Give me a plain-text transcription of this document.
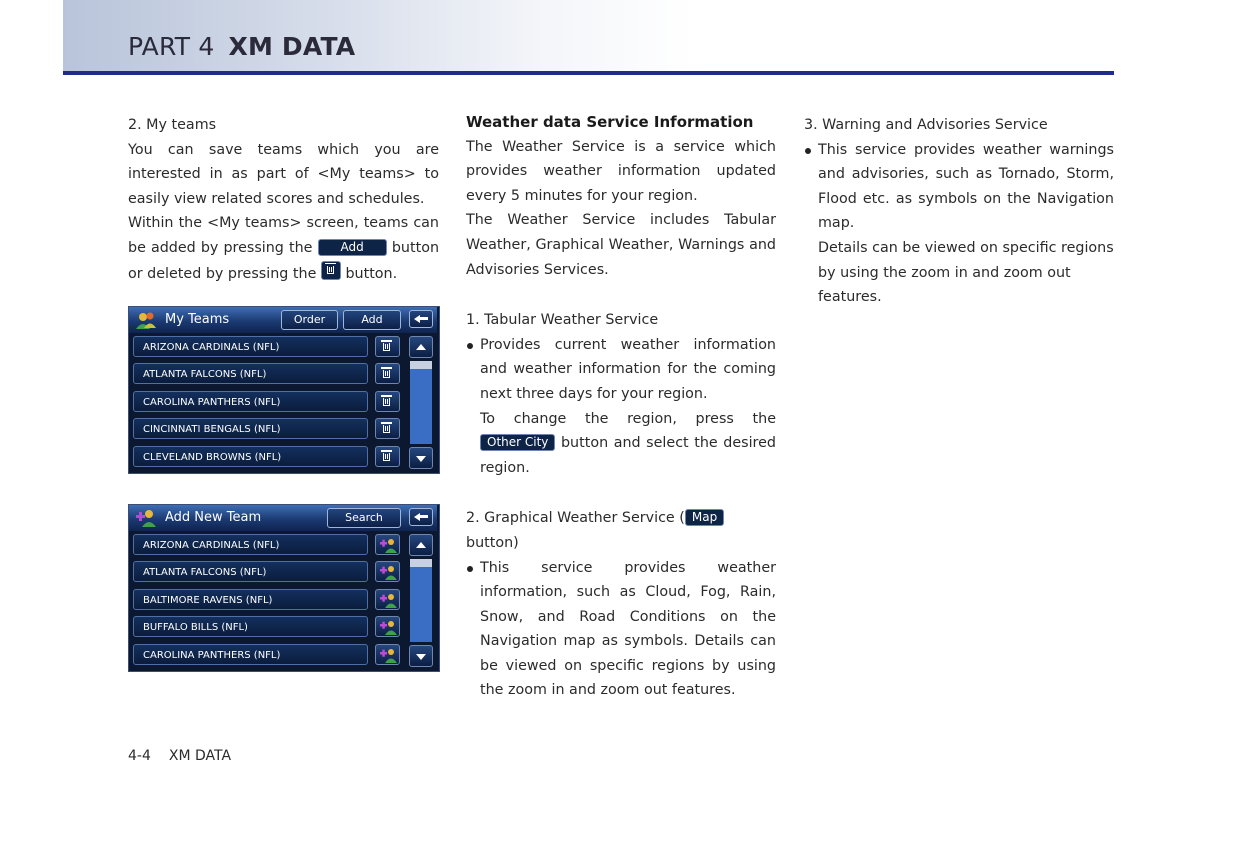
PART 4 XM DATA

2. My teams

You can save teams which you are interested in as part of <My teams> to easily view related scores and schedules.

Within the <My teams> screen, teams can be added by pressing the Add button or deleted by pressing the button.

My Teams	Order	Add
ARIZONA CARDINALS (NFL)
ATLANTA FALCONS (NFL)
CAROLINA PANTHERS (NFL)
CINCINNATI BENGALS (NFL)
CLEVELAND BROWNS (NFL)
Add New Team	Search
ARIZONA CARDINALS (NFL)
ATLANTA FALCONS (NFL)
BALTIMORE RAVENS (NFL)
BUFFALO BILLS (NFL)
CAROLINA PANTHERS (NFL)

Weather data Service Information

The Weather Service is a service which provides weather information updated every 5 minutes for your region.

The Weather Service includes Tabular Weather, Graphical Weather, Warnings and Advisories Services.

1. Tabular Weather Service

Provides current weather information and weather information for the coming next three days for your region.

To change the region, press the Other City button and select the desired region.

2. Graphical Weather Service ( Map button)

This service provides weather information, such as Cloud, Fog, Rain, Snow, and Road Conditions on the Navigation map as symbols. Details can be viewed on specific regions by using the zoom in and zoom out features.

3. Warning and Advisories Service

This service provides weather warnings and advisories, such as Tornado, Storm, Flood etc. as symbols on the Navigation map.

Details can be viewed on specific regions by using the zoom in and zoom out features.

4-4 XM DATA
